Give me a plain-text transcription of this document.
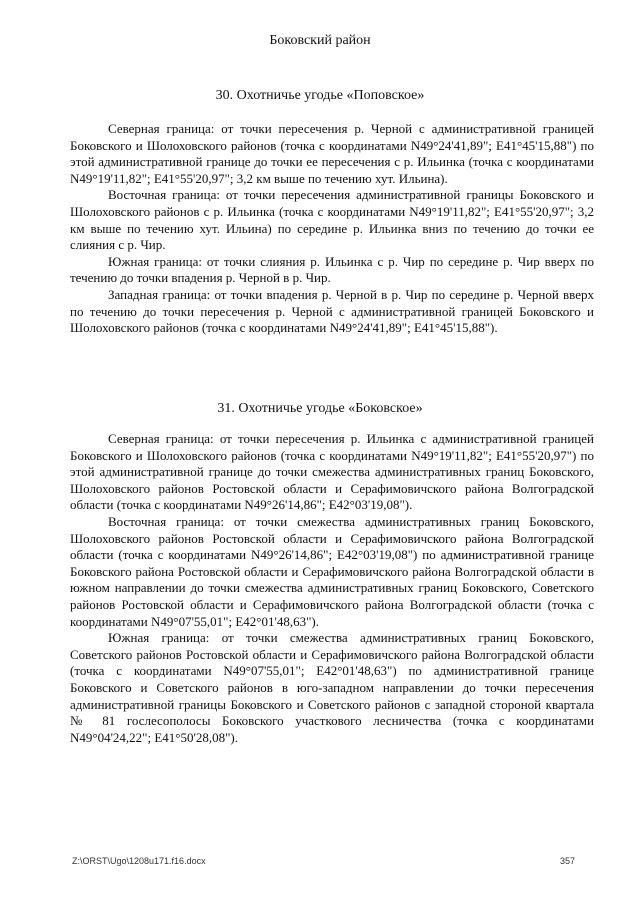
Боковский район
30. Охотничье угодье «Поповское»

Северная граница: от точки пересечения р. Черной с административной границей Боковского и Шолоховского районов (точка с координатами N49°24'41,89"; E41°45'15,88") по этой административной границе до точки ее пересечения с р. Ильинка (точка с координатами N49°19'11,82"; E41°55'20,97"; 3,2 км выше по течению хут. Ильина).

Восточная граница: от точки пересечения административной границы Боковского и Шолоховского районов с р. Ильинка (точка с координатами N49°19'11,82"; E41°55'20,97"; 3,2 км выше по течению хут. Ильина) по середине р. Ильинка вниз по течению до точки ее слияния с р. Чир.

Южная граница: от точки слияния р. Ильинка с р. Чир по середине р. Чир вверх по течению до точки впадения р. Черной в р. Чир.

Западная граница: от точки впадения р. Черной в р. Чир по середине р. Черной вверх по течению до точки пересечения р. Черной с административной границей Боковского и Шолоховского районов (точка с координатами N49°24'41,89"; E41°45'15,88").

31. Охотничье угодье «Боковское»

Северная граница: от точки пересечения р. Ильинка с административной границей Боковского и Шолоховского районов (точка с координатами N49°19'11,82"; E41°55'20,97") по этой административной границе до точки смежества административных границ Боковского, Шолоховского районов Ростовской области и Серафимовичского района Волгоградской области (точка с координатами N49°26'14,86"; E42°03'19,08").

Восточная граница: от точки смежества административных границ Боковского, Шолоховского районов Ростовской области и Серафимовичского района Волгоградской области (точка с координатами N49°26'14,86"; E42°03'19,08") по административной границе Боковского района Ростовской области и Серафимовичского района Волгоградской области в южном направлении до точки смежества административных границ Боковского, Советского районов Ростовской области и Серафимовичского района Волгоградской области (точка с координатами N49°07'55,01"; E42°01'48,63").

Южная граница: от точки смежества административных границ Боковского, Советского районов Ростовской области и Серафимовичского района Волгоградской области (точка с координатами N49°07'55,01"; E42°01'48,63") по административной границе Боковского и Советского районов в юго-западном направлении до точки пересечения административной границы Боковского и Советского районов с западной стороной квартала № 81 гослесополосы Боковского участкового лесничества (точка с координатами N49°04'24,22"; E41°50'28,08").

Z:\ORST\Ugo\1208u171.f16.docx	357
